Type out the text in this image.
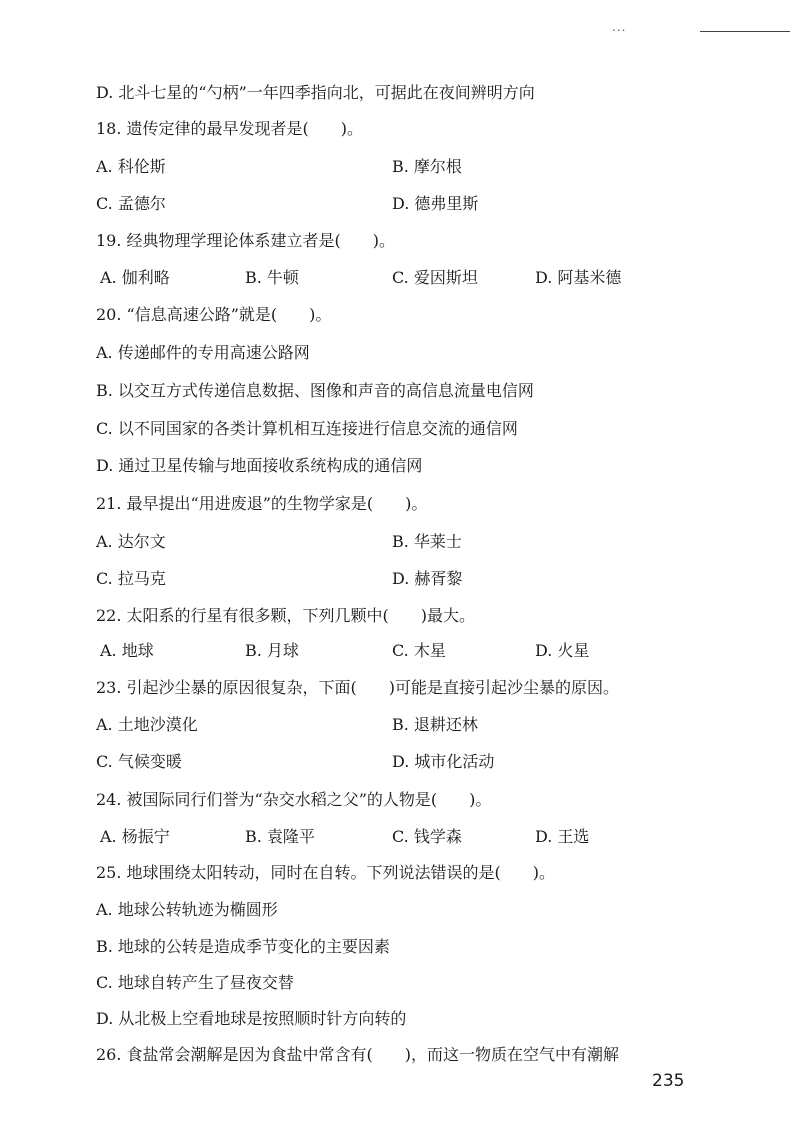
...
D. 北斗七星的“勺柄”一年四季指向北，可据此在夜间辨明方向
18. 遗传定律的最早发现者是(　　)。
A. 科伦斯	B. 摩尔根
C. 孟德尔	D. 德弗里斯
19. 经典物理学理论体系建立者是(　　)。
A. 伽利略	B. 牛顿	C. 爱因斯坦	D. 阿基米德
20. “信息高速公路”就是(　　)。
A. 传递邮件的专用高速公路网
B. 以交互方式传递信息数据、图像和声音的高信息流量电信网
C. 以不同国家的各类计算机相互连接进行信息交流的通信网
D. 通过卫星传输与地面接收系统构成的通信网
21. 最早提出“用进废退”的生物学家是(　　)。
A. 达尔文	B. 华莱士
C. 拉马克	D. 赫胥黎
22. 太阳系的行星有很多颗，下列几颗中(　　)最大。
A. 地球	B. 月球	C. 木星	D. 火星
23. 引起沙尘暴的原因很复杂，下面(　　)可能是直接引起沙尘暴的原因。
A. 土地沙漠化	B. 退耕还林
C. 气候变暖	D. 城市化活动
24. 被国际同行们誉为“杂交水稻之父”的人物是(　　)。
A. 杨振宁	B. 袁隆平	C. 钱学森	D. 王选
25. 地球围绕太阳转动，同时在自转。下列说法错误的是(　　)。
A. 地球公转轨迹为椭圆形
B. 地球的公转是造成季节变化的主要因素
C. 地球自转产生了昼夜交替
D. 从北极上空看地球是按照顺时针方向转的
26. 食盐常会潮解是因为食盐中常含有(　　)，而这一物质在空气中有潮解
235
